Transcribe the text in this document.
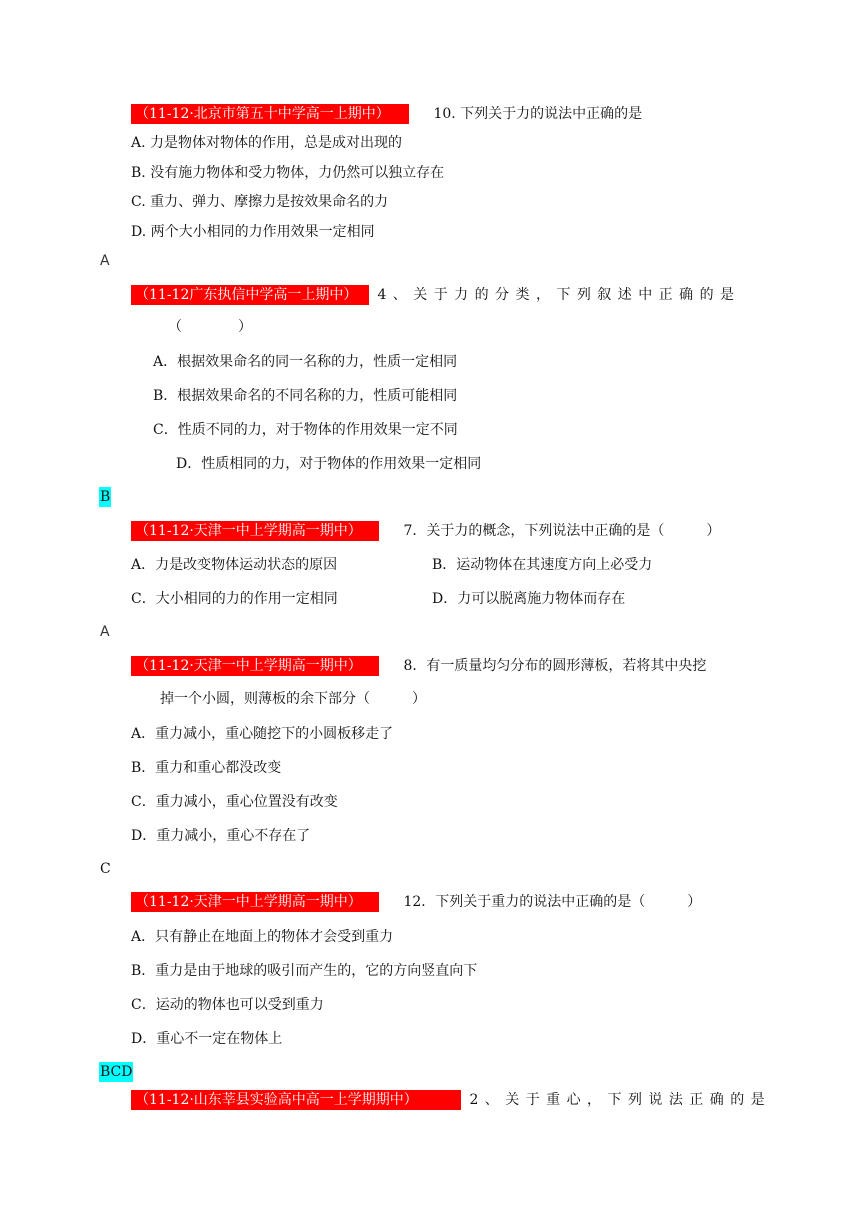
（11-12·北京市第五十中学高一上期中）	10. 下列关于力的说法中正确的是
A. 力是物体对物体的作用，总是成对出现的
B. 没有施力物体和受力物体，力仍然可以独立存在
C. 重力、弹力、摩擦力是按效果命名的力
D. 两个大小相同的力作用效果一定相同
A
（11-12广东执信中学高一上期中） 4 、 关 于 力 的 分 类 ， 下 列 叙 述 中 正 确 的 是
（　　　　）
A．根据效果命名的同一名称的力，性质一定相同
B．根据效果命名的不同名称的力，性质可能相同
C．性质不同的力，对于物体的作用效果一定不同
D．性质相同的力，对于物体的作用效果一定相同
B
（11-12·天津一中上学期高一期中）	7．关于力的概念，下列说法中正确的是（　　　）
A．力是改变物体运动状态的原因	B．运动物体在其速度方向上必受力
C．大小相同的力的作用一定相同	D．力可以脱离施力物体而存在
A
（11-12·天津一中上学期高一期中）	8．有一质量均匀分布的圆形薄板，若将其中央挖
掉一个小圆，则薄板的余下部分（　　　）
A．重力减小，重心随挖下的小圆板移走了
B．重力和重心都没改变
C．重力减小，重心位置没有改变
D．重力减小，重心不存在了
C
（11-12·天津一中上学期高一期中）	12．下列关于重力的说法中正确的是（　　　）
A．只有静止在地面上的物体才会受到重力
B．重力是由于地球的吸引而产生的，它的方向竖直向下
C．运动的物体也可以受到重力
D．重心不一定在物体上
BCD
（11-12·山东莘县实验高中高一上学期期中）	2 、 关 于 重 心 ， 下 列 说 法 正 确 的 是
